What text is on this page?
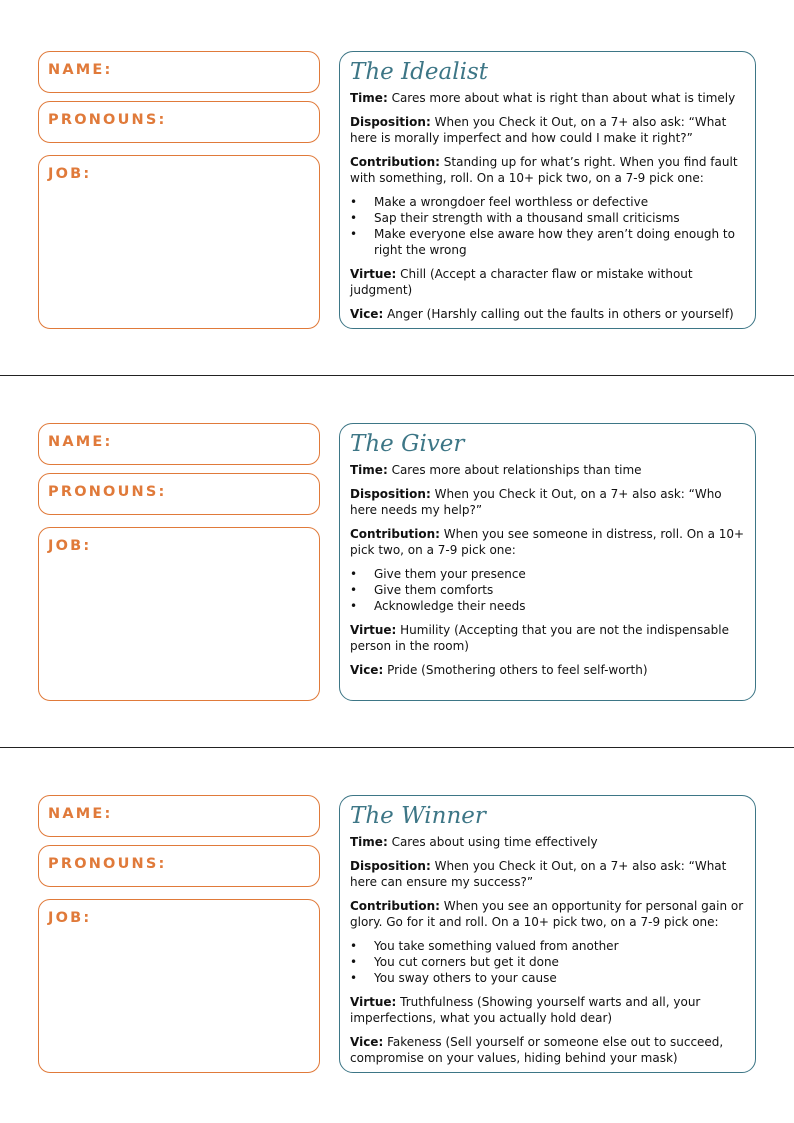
NAME:
PRONOUNS:
JOB:
The Idealist

Time: Cares more about what is right than about what is timely

Disposition: When you Check it Out, on a 7+ also ask: “What here is morally imperfect and how could I make it right?”

Contribution: Standing up for what’s right. When you find fault with something, roll. On a 10+ pick two, on a 7-9 pick one:

• Make a wrongdoer feel worthless or defective
• Sap their strength with a thousand small criticisms
• Make everyone else aware how they aren’t doing enough to right the wrong

Virtue: Chill (Accept a character flaw or mistake without judgment)

Vice: Anger (Harshly calling out the faults in others or yourself)

NAME:
PRONOUNS:
JOB:
The Giver

Time: Cares more about relationships than time

Disposition: When you Check it Out, on a 7+ also ask: “Who here needs my help?”

Contribution: When you see someone in distress, roll. On a 10+ pick two, on a 7-9 pick one:

• Give them your presence
• Give them comforts
• Acknowledge their needs

Virtue: Humility (Accepting that you are not the indispensable person in the room)

Vice: Pride (Smothering others to feel self-worth)

NAME:
PRONOUNS:
JOB:
The Winner

Time: Cares about using time effectively

Disposition: When you Check it Out, on a 7+ also ask: “What here can ensure my success?”

Contribution: When you see an opportunity for personal gain or glory. Go for it and roll. On a 10+ pick two, on a 7-9 pick one:

• You take something valued from another
• You cut corners but get it done
• You sway others to your cause

Virtue: Truthfulness (Showing yourself warts and all, your imperfections, what you actually hold dear)

Vice: Fakeness (Sell yourself or someone else out to succeed, compromise on your values, hiding behind your mask)
